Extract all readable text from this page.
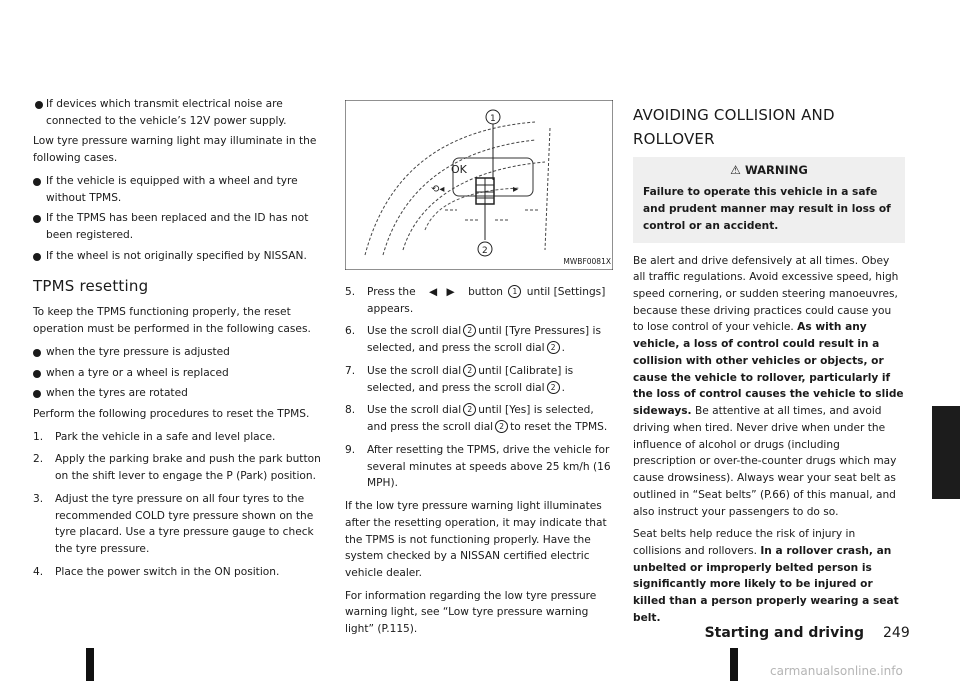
If devices which transmit electrical noise are connected to the vehicle’s 12V power supply.

Low tyre pressure warning light may illuminate in the following cases.

If the vehicle is equipped with a wheel and tyre without TPMS.
If the TPMS has been replaced and the ID has not been registered.
If the wheel is not originally specified by NISSAN.
TPMS resetting

To keep the TPMS functioning properly, the reset operation must be performed in the following cases.

when the tyre pressure is adjusted
when a tyre or a wheel is replaced
when the tyres are rotated

Perform the following procedures to reset the TPMS.

1.	Park the vehicle in a safe and level place.
2.	Apply the parking brake and push the park button on the shift lever to engage the P (Park) position.
3.	Adjust the tyre pressure on all four tyres to the recommended COLD tyre pressure shown on the tyre placard. Use a tyre pressure gauge to check the tyre pressure.
4.	Place the power switch in the ON position.
OK
⟲◂	▸
1
2
MWBF0081X
5.	Press the ◀ ▶ button 1 until [Settings] appears.
6.	Use the scroll dial 2 until [Tyre Pressures] is selected, and press the scroll dial 2 .
7.	Use the scroll dial 2 until [Calibrate] is selected, and press the scroll dial 2 .
8.	Use the scroll dial 2 until [Yes] is selected, and press the scroll dial 2 to reset the TPMS.
9.	After resetting the TPMS, drive the vehicle for several minutes at speeds above 25 km/h (16 MPH).

If the low tyre pressure warning light illuminates after the resetting operation, it may indicate that the TPMS is not functioning properly. Have the system checked by a NISSAN certified electric vehicle dealer.

For information regarding the low tyre pressure warning light, see “Low tyre pressure warning light” (P.115).

AVOIDING COLLISION AND ROLLOVER
⚠ WARNING
Failure to operate this vehicle in a safe and prudent manner may result in loss of control or an accident.

Be alert and drive defensively at all times. Obey all traffic regulations. Avoid excessive speed, high speed cornering, or sudden steering manoeuvres, because these driving practices could cause you to lose control of your vehicle. As with any vehicle, a loss of control could result in a collision with other vehicles or objects, or cause the vehicle to rollover, particularly if the loss of control causes the vehicle to slide sideways. Be attentive at all times, and avoid driving when tired. Never drive when under the influence of alcohol or drugs (including prescription or over-the-counter drugs which may cause drowsiness). Always wear your seat belt as outlined in “Seat belts” (P.66) of this manual, and also instruct your passengers to do so.

Seat belts help reduce the risk of injury in collisions and rollovers. In a rollover crash, an unbelted or improperly belted person is significantly more likely to be injured or killed than a person properly wearing a seat belt.

Starting and driving 249
carmanualsonline.info
